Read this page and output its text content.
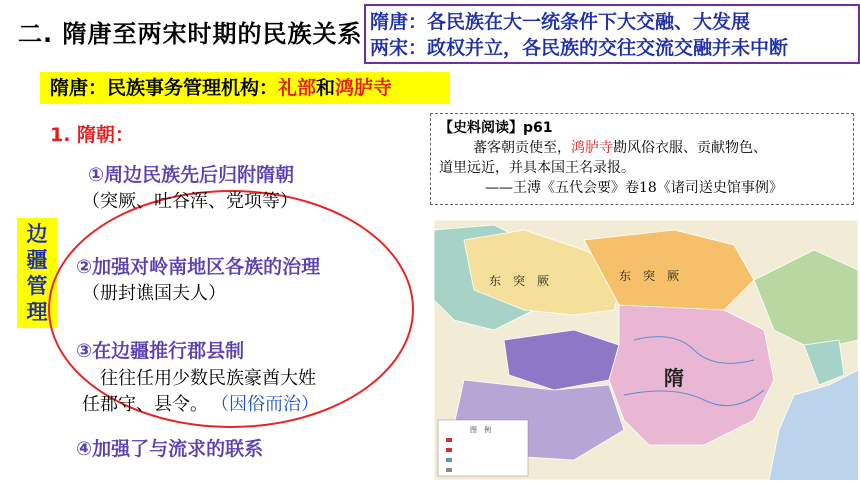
二. 隋唐至两宋时期的民族关系 隋唐：各民族在大一统条件下大交融、大发展
两宋：政权并立，各民族的交往交流交融并未中断
隋唐：民族事务管理机构：礼部和鸿胪寺
1. 隋朝：
边
疆
管
理
①周边民族先后归附隋朝
（突厥、吐谷浑、党项等）
②加强对岭南地区各族的治理
（册封谯国夫人）
③在边疆推行郡县制
往往任用少数民族豪酋大姓
任郡守、县令。 （因俗而治）
④加强了与流求的联系
【史料阅读】p61
蕃客朝贡使至，鸿胪寺勘风俗衣服、贡献物色、
道里远近，并具本国王名录报。
——王溥《五代会要》卷18《诸司送史馆事例》
隋
东　突　厥	东　突　厥
图　例
